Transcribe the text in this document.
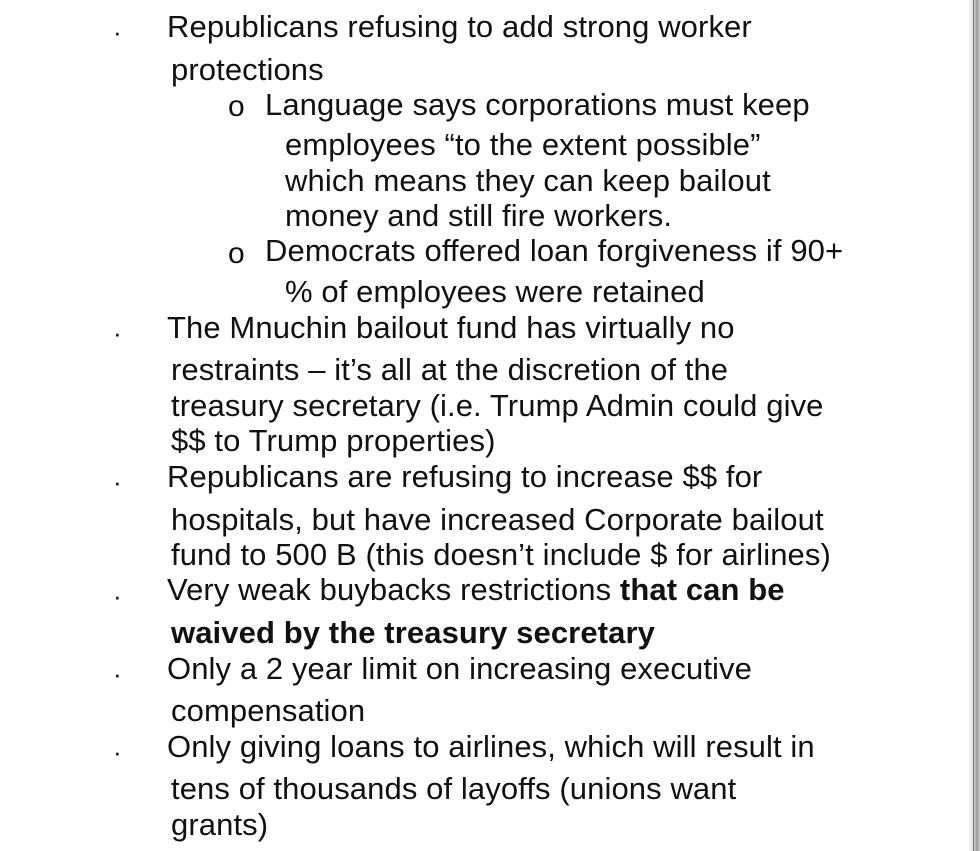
· Republicans refusing to add strong worker
protections
o Language says corporations must keep
employees “to the extent possible”
which means they can keep bailout
money and still fire workers.
o Democrats offered loan forgiveness if 90+
% of employees were retained
· The Mnuchin bailout fund has virtually no
restraints – it’s all at the discretion of the
treasury secretary (i.e. Trump Admin could give
$$ to Trump properties)
· Republicans are refusing to increase $$ for
hospitals, but have increased Corporate bailout
fund to 500 B (this doesn’t include $ for airlines)
· Very weak buybacks restrictions that can be
waived by the treasury secretary
· Only a 2 year limit on increasing executive
compensation
· Only giving loans to airlines, which will result in
tens of thousands of layoffs (unions want
grants)
